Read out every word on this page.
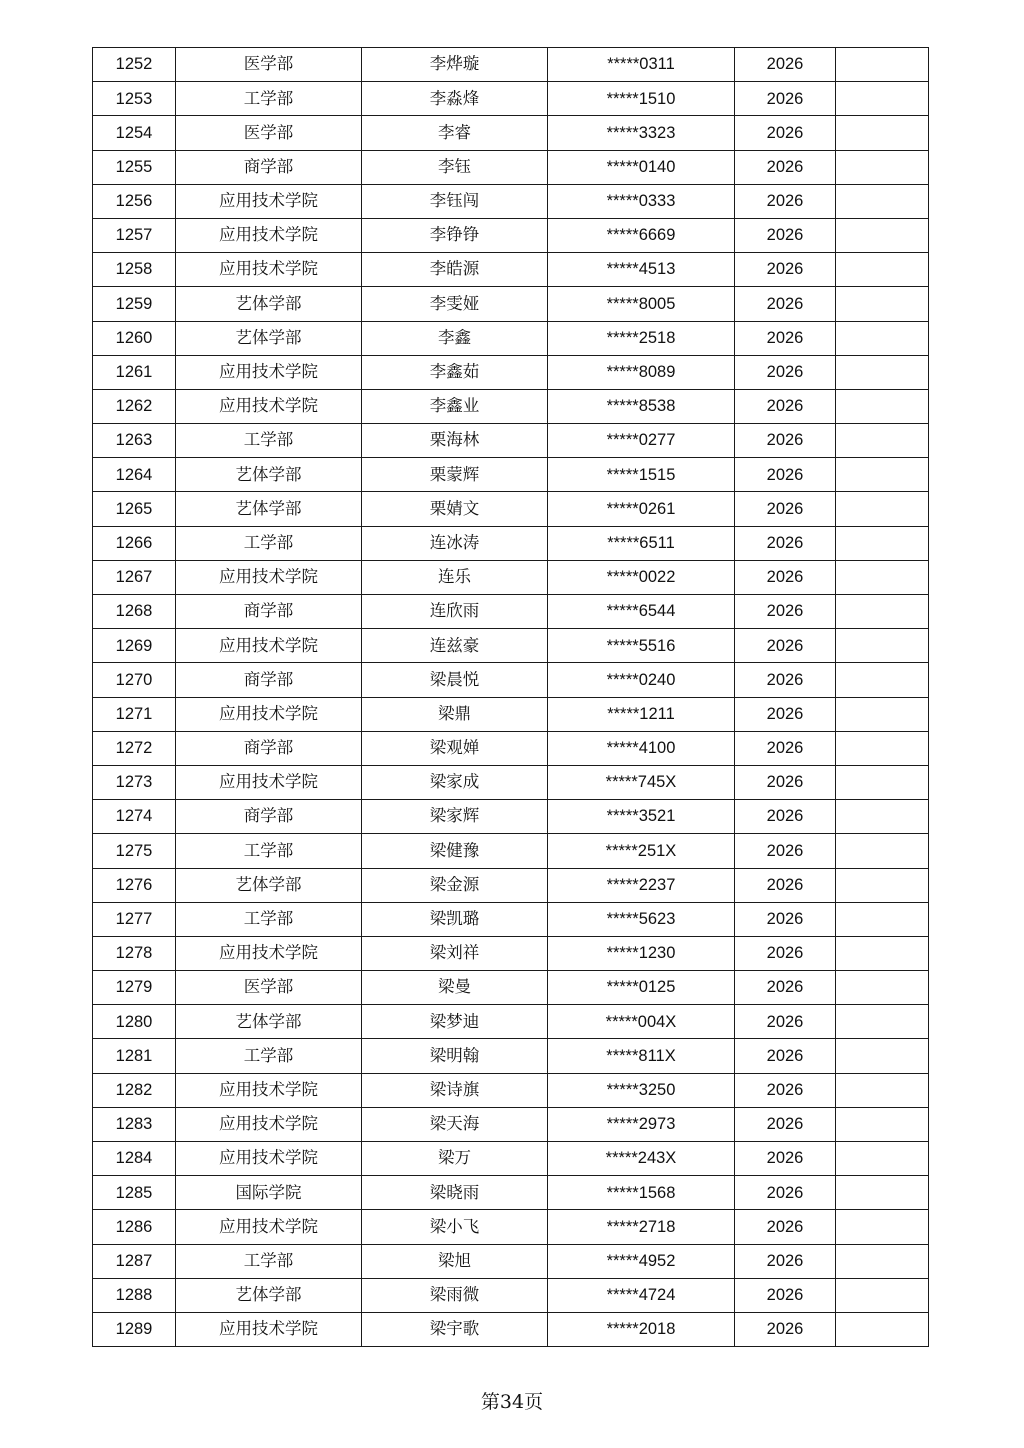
1252	医学部	李烨璇	*****0311	2026	
1253	工学部	李淼烽	*****1510	2026	
1254	医学部	李睿	*****3323	2026	
1255	商学部	李钰	*****0140	2026	
1256	应用技术学院	李钰闯	*****0333	2026	
1257	应用技术学院	李铮铮	*****6669	2026	
1258	应用技术学院	李皓源	*****4513	2026	
1259	艺体学部	李雯娅	*****8005	2026	
1260	艺体学部	李鑫	*****2518	2026	
1261	应用技术学院	李鑫茹	*****8089	2026	
1262	应用技术学院	李鑫业	*****8538	2026	
1263	工学部	栗海林	*****0277	2026	
1264	艺体学部	栗蒙辉	*****1515	2026	
1265	艺体学部	栗婧文	*****0261	2026	
1266	工学部	连冰涛	*****6511	2026	
1267	应用技术学院	连乐	*****0022	2026	
1268	商学部	连欣雨	*****6544	2026	
1269	应用技术学院	连兹豪	*****5516	2026	
1270	商学部	梁晨悦	*****0240	2026	
1271	应用技术学院	梁鼎	*****1211	2026	
1272	商学部	梁观婵	*****4100	2026	
1273	应用技术学院	梁家成	*****745X	2026	
1274	商学部	梁家辉	*****3521	2026	
1275	工学部	梁健豫	*****251X	2026	
1276	艺体学部	梁金源	*****2237	2026	
1277	工学部	梁凯璐	*****5623	2026	
1278	应用技术学院	梁刘祥	*****1230	2026	
1279	医学部	梁曼	*****0125	2026	
1280	艺体学部	梁梦迪	*****004X	2026	
1281	工学部	梁明翰	*****811X	2026	
1282	应用技术学院	梁诗旗	*****3250	2026	
1283	应用技术学院	梁天海	*****2973	2026	
1284	应用技术学院	梁万	*****243X	2026	
1285	国际学院	梁晓雨	*****1568	2026	
1286	应用技术学院	梁小飞	*****2718	2026	
1287	工学部	梁旭	*****4952	2026	
1288	艺体学部	梁雨微	*****4724	2026	
1289	应用技术学院	梁宇歌	*****2018	2026	
第34页
